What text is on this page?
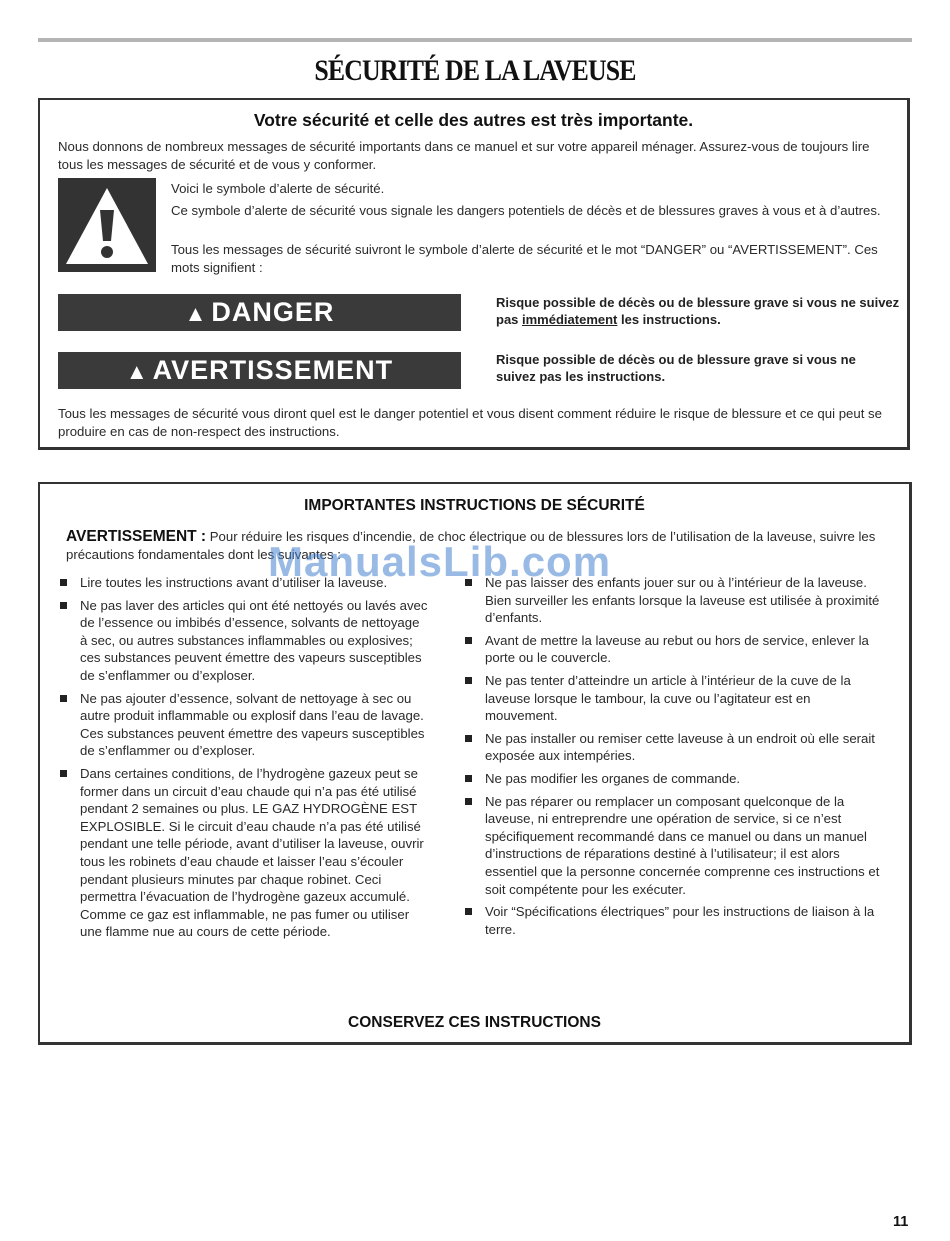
SÉCURITÉ DE LA LAVEUSE
Votre sécurité et celle des autres est très importante.

Nous donnons de nombreux messages de sécurité importants dans ce manuel et sur votre appareil ménager. Assurez-vous de toujours lire tous les messages de sécurité et de vous y conformer.

Voici le symbole d’alerte de sécurité.

Ce symbole d’alerte de sécurité vous signale les dangers potentiels de décès et de blessures graves à vous et à d’autres.

Tous les messages de sécurité suivront le symbole d’alerte de sécurité et le mot “DANGER” ou “AVERTISSEMENT”. Ces mots signifient :

▲ DANGER	Risque possible de décès ou de blessure grave si vous ne suivez pas immédiatement les instructions.

▲ AVERTISSEMENT	Risque possible de décès ou de blessure grave si vous ne suivez pas les instructions.

Tous les messages de sécurité vous diront quel est le danger potentiel et vous disent comment réduire le risque de blessure et ce qui peut se produire en cas de non-respect des instructions.

IMPORTANTES INSTRUCTIONS DE SÉCURITÉ

AVERTISSEMENT : Pour réduire les risques d’incendie, de choc électrique ou de blessures lors de l’utilisation de la laveuse, suivre les précautions fondamentales dont les suivantes :

Lire toutes les instructions avant d’utiliser la laveuse.
Ne pas laver des articles qui ont été nettoyés ou lavés avec de l’essence ou imbibés d’essence, solvants de nettoyage à sec, ou autres substances inflammables ou explosives; ces substances peuvent émettre des vapeurs susceptibles de s’enflammer ou d’exploser.
Ne pas ajouter d’essence, solvant de nettoyage à sec ou autre produit inflammable ou explosif dans l’eau de lavage. Ces substances peuvent émettre des vapeurs susceptibles de s’enflammer ou d’exploser.
Dans certaines conditions, de l’hydrogène gazeux peut se former dans un circuit d’eau chaude qui n’a pas été utilisé pendant 2 semaines ou plus. LE GAZ HYDROGÈNE EST EXPLOSIBLE. Si le circuit d’eau chaude n’a pas été utilisé pendant une telle période, avant d’utiliser la laveuse, ouvrir tous les robinets d’eau chaude et laisser l’eau s’écouler pendant plusieurs minutes par chaque robinet. Ceci permettra l’évacuation de l’hydrogène gazeux accumulé. Comme ce gaz est inflammable, ne pas fumer ou utiliser une flamme nue au cours de cette période.
Ne pas laisser des enfants jouer sur ou à l’intérieur de la laveuse. Bien surveiller les enfants lorsque la laveuse est utilisée à proximité d’enfants.
Avant de mettre la laveuse au rebut ou hors de service, enlever la porte ou le couvercle.
Ne pas tenter d’atteindre un article à l’intérieur de la cuve de la laveuse lorsque le tambour, la cuve ou l’agitateur est en mouvement.
Ne pas installer ou remiser cette laveuse à un endroit où elle serait exposée aux intempéries.
Ne pas modifier les organes de commande.
Ne pas réparer ou remplacer un composant quelconque de la laveuse, ni entreprendre une opération de service, si ce n’est spécifiquement recommandé dans ce manuel ou dans un manuel d’instructions de réparations destiné à l’utilisateur; il est alors essentiel que la personne concernée comprenne ces instructions et soit compétente pour les exécuter.
Voir “Spécifications électriques” pour les instructions de liaison à la terre.
CONSERVEZ CES INSTRUCTIONS
ManualsLib.com
11
